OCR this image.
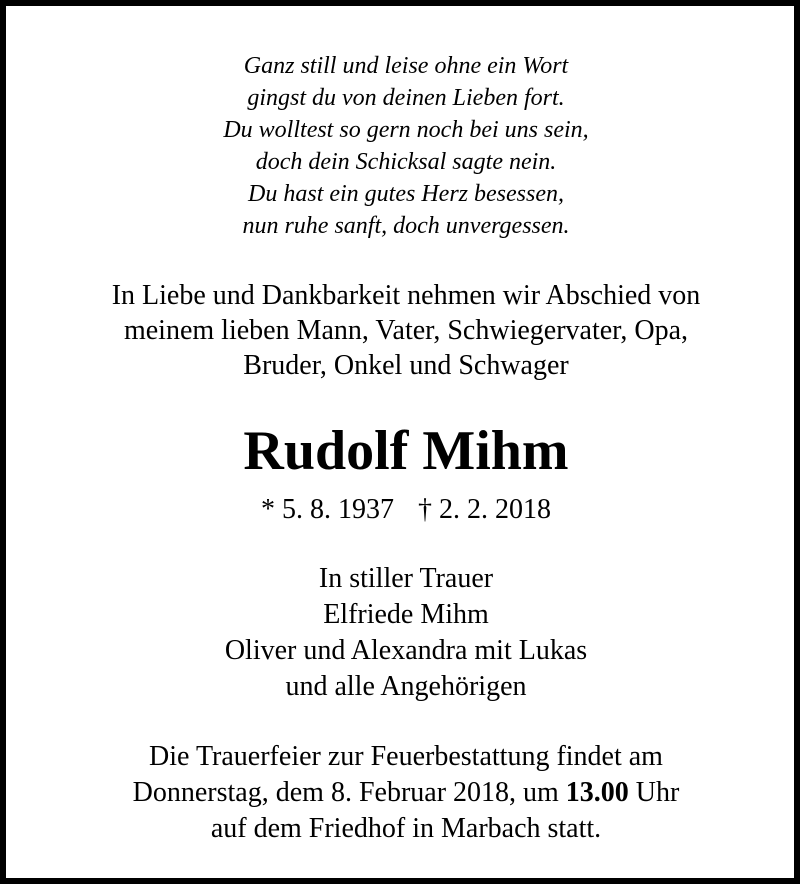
Ganz still und leise ohne ein Wort
gingst du von deinen Lieben fort.
Du wolltest so gern noch bei uns sein,
doch dein Schicksal sagte nein.
Du hast ein gutes Herz besessen,
nun ruhe sanft, doch unvergessen.
In Liebe und Dankbarkeit nehmen wir Abschied von
meinem lieben Mann, Vater, Schwiegervater, Opa,
Bruder, Onkel und Schwager
Rudolf Mihm
* 5. 8. 1937 † 2. 2. 2018
In stiller Trauer
Elfriede Mihm
Oliver und Alexandra mit Lukas
und alle Angehörigen
Die Trauerfeier zur Feuerbestattung findet am
Donnerstag, dem 8. Februar 2018, um 13.00 Uhr
auf dem Friedhof in Marbach statt.
